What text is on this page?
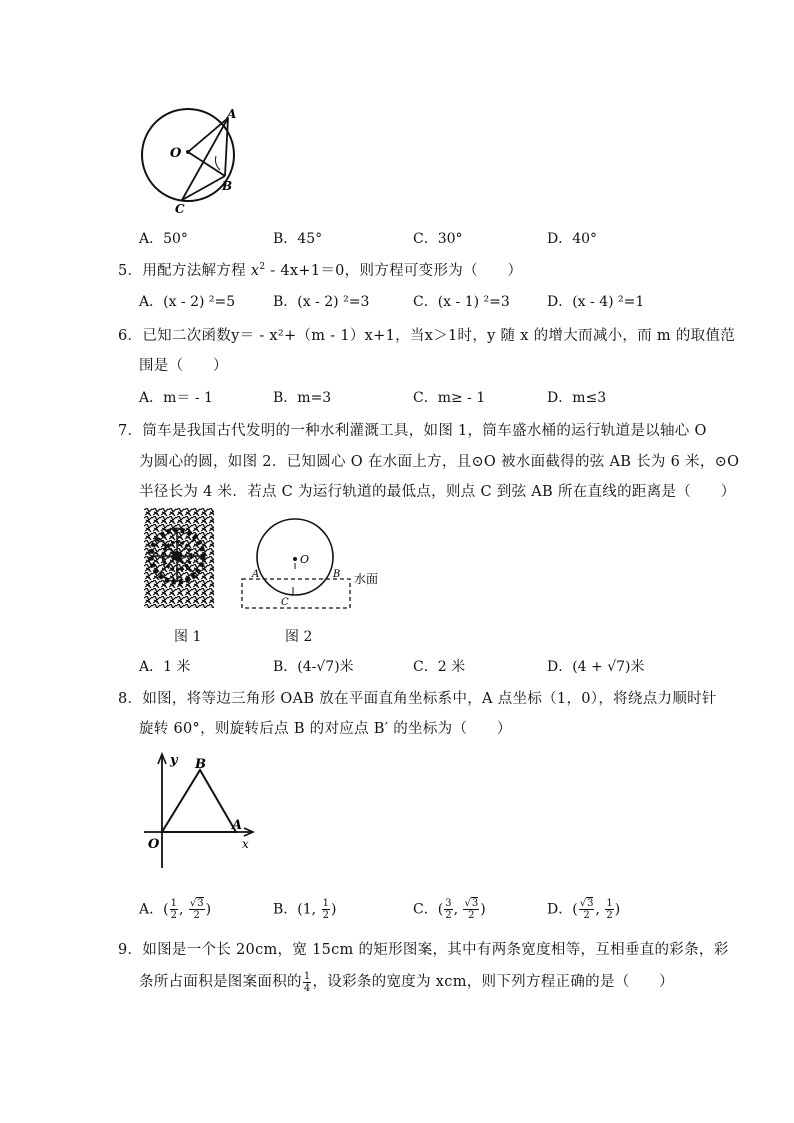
O
A
B
C
A．50°	B．45°	C．30°	D．40°
5．用配方法解方程 $x^2 - 4x+1=0$，则方程可变形为（　　）
A．(x - 2) ²=5	B．(x - 2) ²=3	C．(x - 1) ²=3	D．(x - 4) ²=1
6．已知二次函数y＝ - x²+（m - 1）x+1，当x＞1时，y 随 x 的增大而减小，而 m 的取值范
围是（　　）
A．m＝ - 1	B．m=3	C．m≥ - 1	D．m≤3
7．筒车是我国古代发明的一种水利灌溉工具，如图 1，筒车盛水桶的运行轨道是以轴心 O
为圆心的圆，如图 2．已知圆心 O 在水面上方，且⊙O 被水面截得的弦 AB 长为 6 米，⊙O
半径长为 4 米．若点 C 为运行轨道的最低点，则点 C 到弦 AB 所在直线的距离是（　　）
O
A	B
C
水面
图 1	图 2
A．1 米	B．(4-√7)米	C．2 米	D．(4 + √7)米
8．如图，将等边三角形 OAB 放在平面直角坐标系中，A 点坐标（1，0），将绕点力顺时针
旋转 60°，则旋转后点 B 的对应点 B′ 的坐标为（　　）
y B
A
O	x
A．( $\frac{1}{2}$ , $\frac{√3}{2}$ )	B．(1, $\frac{1}{2}$ )	C．( $\frac{3}{2}$ , $\frac{√3}{2}$ )	D．( $\frac{√3}{2}$ , $\frac{1}{2}$ )
9．如图是一个长 20cm，宽 15cm 的矩形图案，其中有两条宽度相等，互相垂直的彩条，彩
条所占面积是图案面积的 $\frac{1}{4}$ ，设彩条的宽度为 xcm，则下列方程正确的是（　　）
